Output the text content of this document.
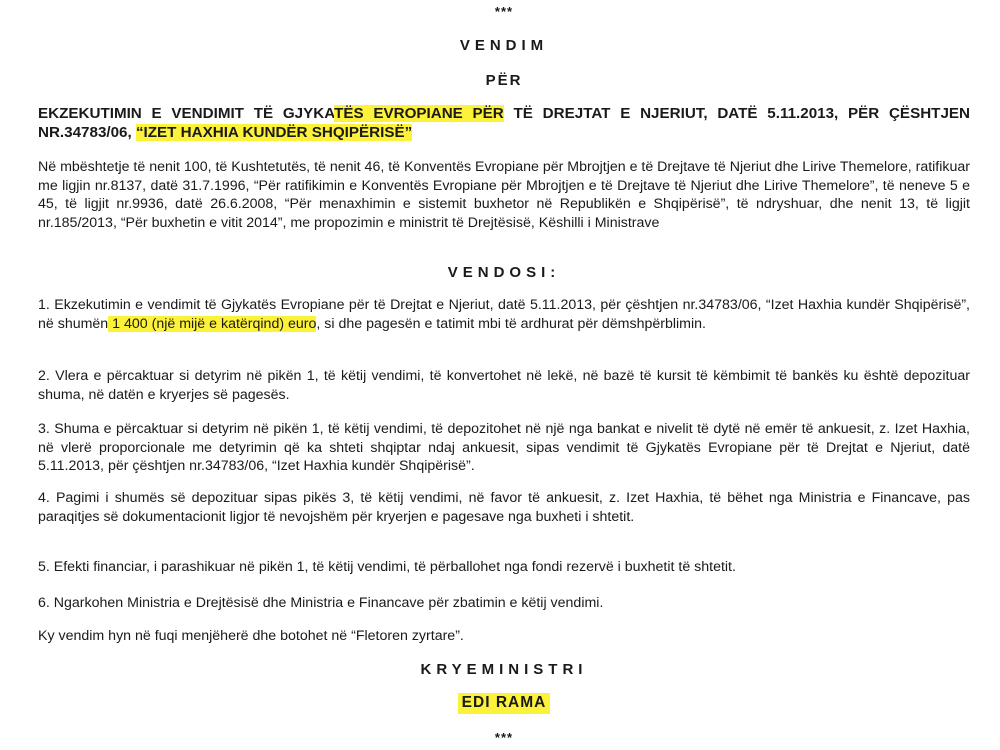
***
VENDIM
PËR
EKZEKUTIMIN E VENDIMIT TË GJYKATËS EVROPIANE PËR TË DREJTAT E NJERIUT, DATË 5.11.2013, PËR ÇËSHTJEN NR.34783/06, “IZET HAXHIA KUNDËR SHQIPËRISË”
Në mbështetje të nenit 100, të Kushtetutës, të nenit 46, të Konventës Evropiane për Mbrojtjen e të Drejtave të Njeriut dhe Lirive Themelore, ratifikuar me ligjin nr.8137, datë 31.7.1996, “Për ratifikimin e Konventës Evropiane për Mbrojtjen e të Drejtave të Njeriut dhe Lirive Themelore”, të neneve 5 e 45, të ligjit nr.9936, datë 26.6.2008, “Për menaxhimin e sistemit buxhetor në Republikën e Shqipërisë”, të ndryshuar, dhe nenit 13, të ligjit nr.185/2013, “Për buxhetin e vitit 2014”, me propozimin e ministrit të Drejtësisë, Këshilli i Ministrave
VENDOSI:
1. Ekzekutimin e vendimit të Gjykatës Evropiane për të Drejtat e Njeriut, datë 5.11.2013, për çështjen nr.34783/06, “Izet Haxhia kundër Shqipërisë”, në shumën 1 400 (një mijë e katërqind) euro, si dhe pagesën e tatimit mbi të ardhurat për dëmshpërblimin.
2. Vlera e përcaktuar si detyrim në pikën 1, të këtij vendimi, të konvertohet në lekë, në bazë të kursit të këmbimit të bankës ku është depozituar shuma, në datën e kryerjes së pagesës.
3. Shuma e përcaktuar si detyrim në pikën 1, të këtij vendimi, të depozitohet në një nga bankat e nivelit të dytë në emër të ankuesit, z. Izet Haxhia, në vlerë proporcionale me detyrimin që ka shteti shqiptar ndaj ankuesit, sipas vendimit të Gjykatës Evropiane për të Drejtat e Njeriut, datë 5.11.2013, për çështjen nr.34783/06, “Izet Haxhia kundër Shqipërisë”.
4. Pagimi i shumës së depozituar sipas pikës 3, të këtij vendimi, në favor të ankuesit, z. Izet Haxhia, të bëhet nga Ministria e Financave, pas paraqitjes së dokumentacionit ligjor të nevojshëm për kryerjen e pagesave nga buxheti i shtetit.
5. Efekti financiar, i parashikuar në pikën 1, të këtij vendimi, të përballohet nga fondi rezervë i buxhetit të shtetit.
6. Ngarkohen Ministria e Drejtësisë dhe Ministria e Financave për zbatimin e këtij vendimi.
Ky vendim hyn në fuqi menjëherë dhe botohet në “Fletoren zyrtare”.
KRYEMINISTRI
EDI RAMA
***
